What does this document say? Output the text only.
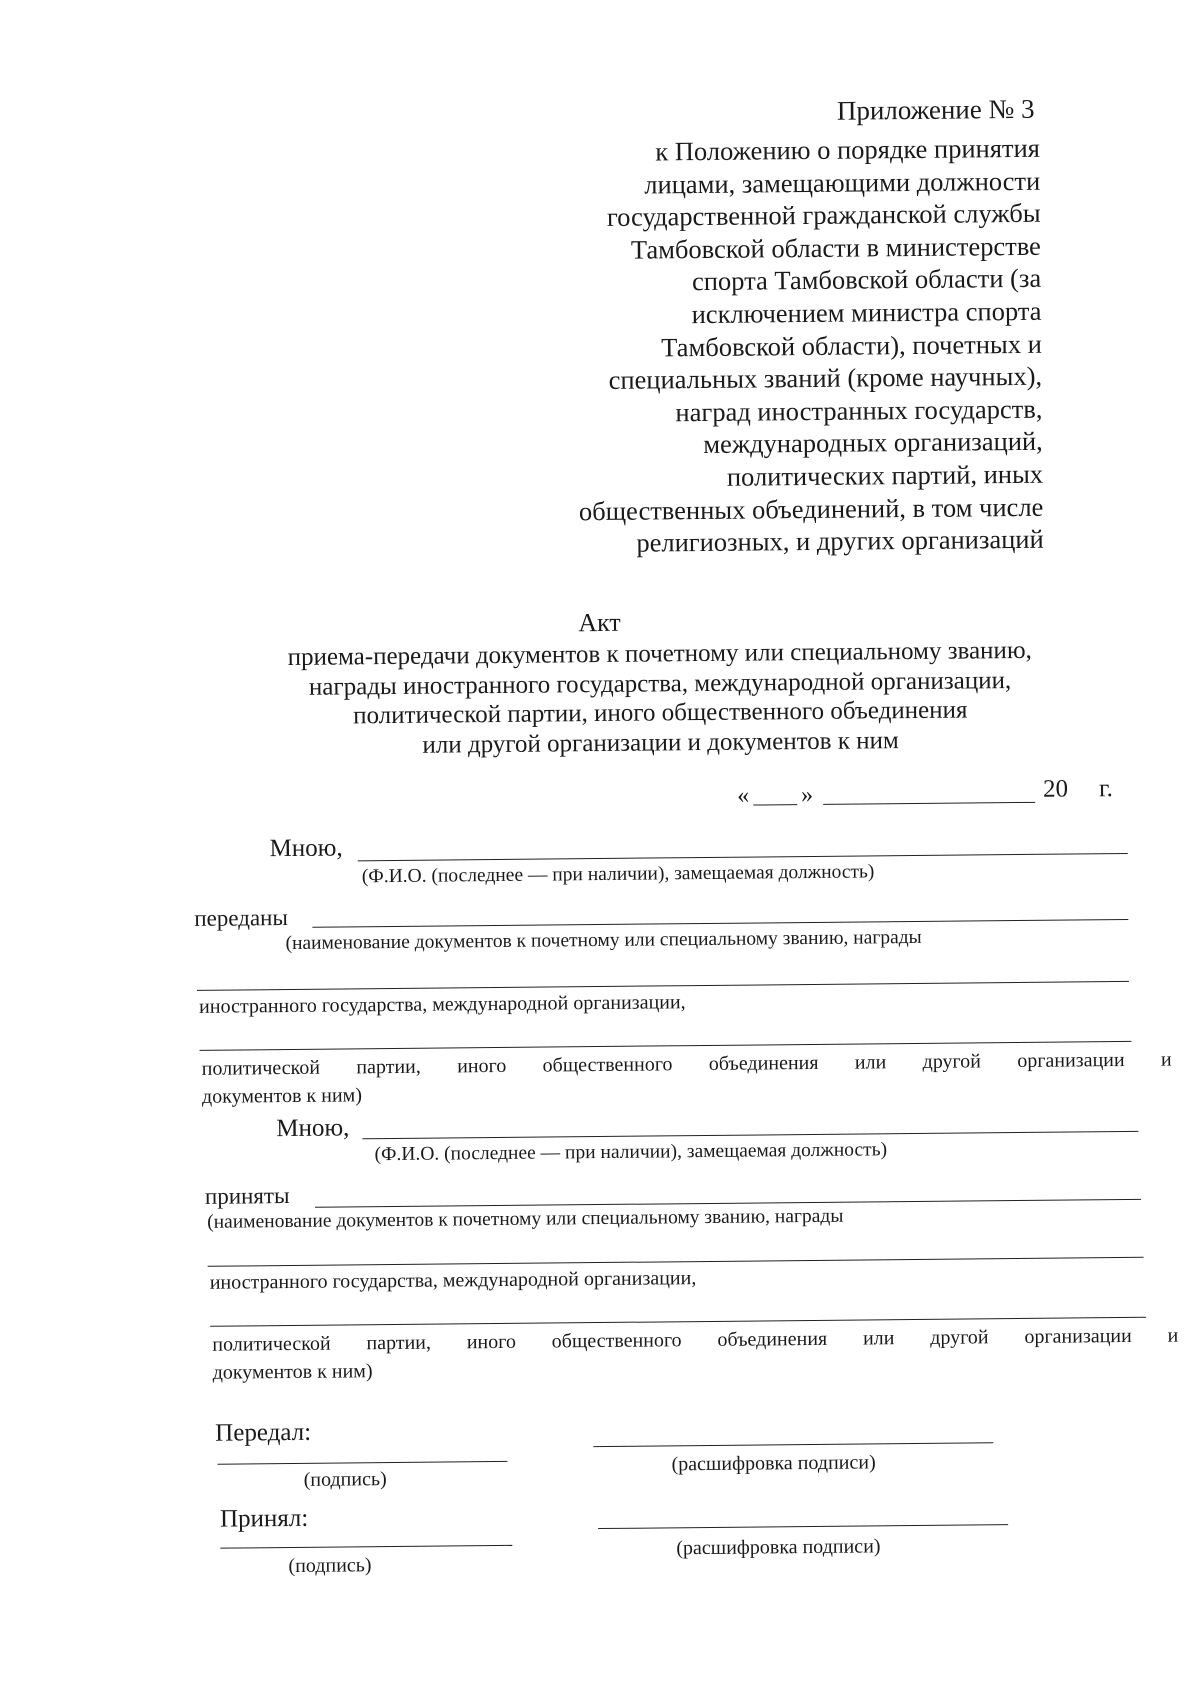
Приложение № 3
к Положению о порядке принятия
лицами, замещающими должности
государственной гражданской службы
Тамбовской области в министерстве
спорта Тамбовской области (за
исключением министра спорта
Тамбовской области), почетных и
специальных званий (кроме научных),
наград иностранных государств,
международных организаций,
политических партий, иных
общественных объединений, в том числе
религиозных, и других организаций
Акт
приема-передачи документов к почетному или специальному званию,
награды иностранного государства, международной организации,
политической партии, иного общественного объединения
или другой организации и документов к ним
« »	20 г.
Мною,
(Ф.И.О. (последнее — при наличии), замещаемая должность)
переданы
(наименование документов к почетному или специальному званию, награды
иностранного государства, международной организации,
политической партии, иного общественного объединения или другой организации и
документов к ним)
Мною,
(Ф.И.О. (последнее — при наличии), замещаемая должность)
приняты
(наименование документов к почетному или специальному званию, награды
иностранного государства, международной организации,
политической партии, иного общественного объединения или другой организации и
документов к ним)
Передал:
(подпись)
(расшифровка подписи)
Принял:
(подпись)
(расшифровка подписи)
